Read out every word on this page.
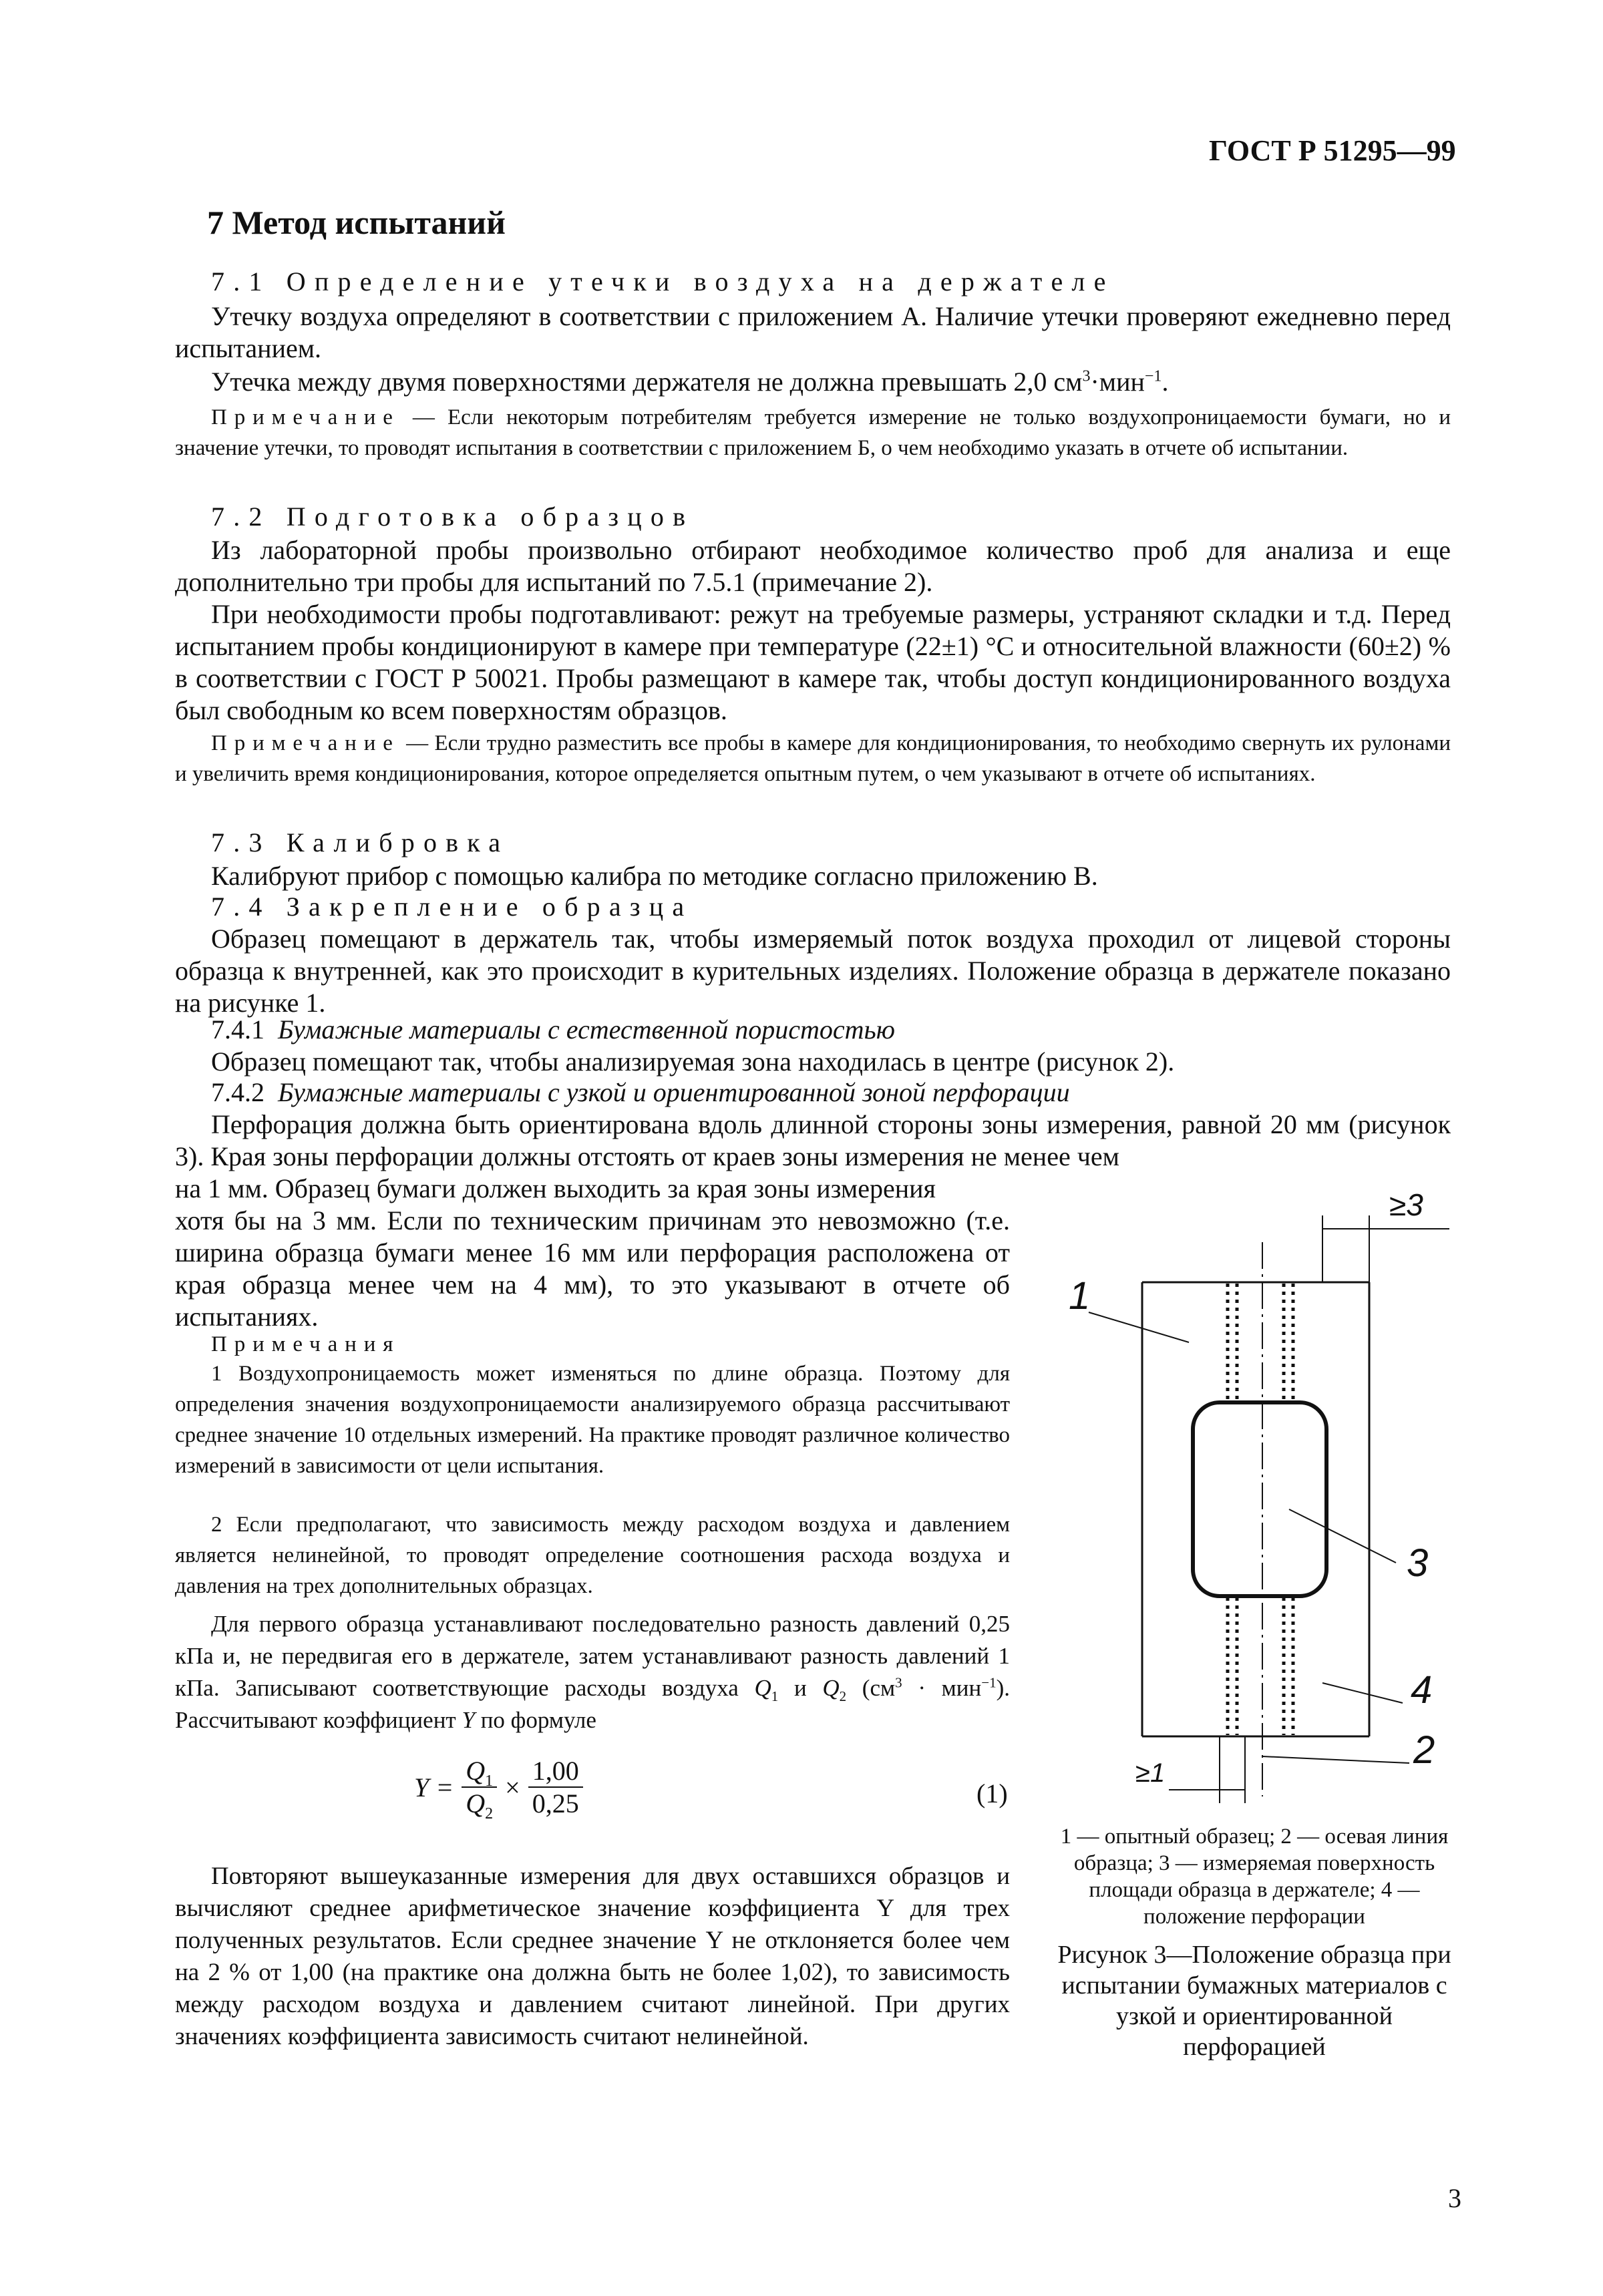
ГОСТ Р 51295—99
7 Метод испытаний
7.1 Определение утечки воздуха на держателе
Утечку воздуха определяют в соответствии с приложением А. Наличие утечки проверяют ежедневно перед испытанием.
Утечка между двумя поверхностями держателя не должна превышать 2,0 $см^3\cdot мин^{-1}$.
Примечание — Если некоторым потребителям требуется измерение не только воздухопроницаемости бумаги, но и значение утечки, то проводят испытания в соответствии с приложением Б, о чем необходимо указать в отчете об испытании.
7.2 Подготовка образцов
Из лабораторной пробы произвольно отбирают необходимое количество проб для анализа и еще дополнительно три пробы для испытаний по 7.5.1 (примечание 2).
При необходимости пробы подготавливают: режут на требуемые размеры, устраняют складки и т.д. Перед испытанием пробы кондиционируют в камере при температуре (22±1) °С и относительной влажности (60±2) % в соответствии с ГОСТ Р 50021. Пробы размещают в камере так, чтобы доступ кондиционированного воздуха был свободным ко всем поверхностям образцов.
Примечание — Если трудно разместить все пробы в камере для кондиционирования, то необходимо свернуть их рулонами и увеличить время кондиционирования, которое определяется опытным путем, о чем указывают в отчете об испытаниях.
7.3 Калибровка
Калибруют прибор с помощью калибра по методике согласно приложению В.
7.4 Закрепление образца
Образец помещают в держатель так, чтобы измеряемый поток воздуха проходил от лицевой стороны образца к внутренней, как это происходит в курительных изделиях. Положение образца в держателе показано на рисунке 1.
7.4.1 Бумажные материалы с естественной пористостью
Образец помещают так, чтобы анализируемая зона находилась в центре (рисунок 2).
7.4.2 Бумажные материалы с узкой и ориентированной зоной перфорации
Перфорация должна быть ориентирована вдоль длинной стороны зоны измерения, равной 20 мм (рисунок 3). Края зоны перфорации должны отстоять от краев зоны измерения не менее чем
на 1 мм. Образец бумаги должен выходить за края зоны измерения
хотя бы на 3 мм. Если по техническим причинам это невозможно (т.е. ширина образца бумаги менее 16 мм или перфорация расположена от края образца менее чем на 4 мм), то это указывают в отчете об испытаниях.
Примечания
1 Воздухопроницаемость может изменяться по длине образца. Поэтому для определения значения воздухопроницаемости анализируемого образца рассчитывают среднее значение 10 отдельных измерений. На практике проводят различное количество измерений в зависимости от цели испытания.
2 Если предполагают, что зависимость между расходом воздуха и давлением является нелинейной, то проводят определение соотношения расхода воздуха и давления на трех дополнительных образцах.
Для первого образца устанавливают последовательно разность давлений 0,25 кПа и, не передвигая его в держателе, затем устанавливают разность давлений 1 кПа. Записывают соответствующие расходы воздуха $Q_1$ и $Q_2$ $(см^3 \cdot мин^{-1})$. Рассчитывают коэффициент Y по формуле
$Y = \frac{Q_1}{Q_2} \times \frac{1,00}{0,25}$	(1)
Повторяют вышеуказанные измерения для двух оставшихся образцов и вычисляют среднее арифметическое значение коэффициента Y для трех полученных результатов. Если среднее значение Y не отклоняется более чем на 2 % от 1,00 (на практике она должна быть не более 1,02), то зависимость между расходом воздуха и давлением считают линейной. При других значениях коэффициента зависимость считают нелинейной.
≥3
≥1
1
3
4
2
1 — опытный образец; 2 — осевая линия образца; 3 — измеряемая поверхность площади образца в держателе; 4 — положение перфорации
Рисунок 3—Положение образца при испытании бумажных материалов с узкой и ориентированной перфорацией
3
